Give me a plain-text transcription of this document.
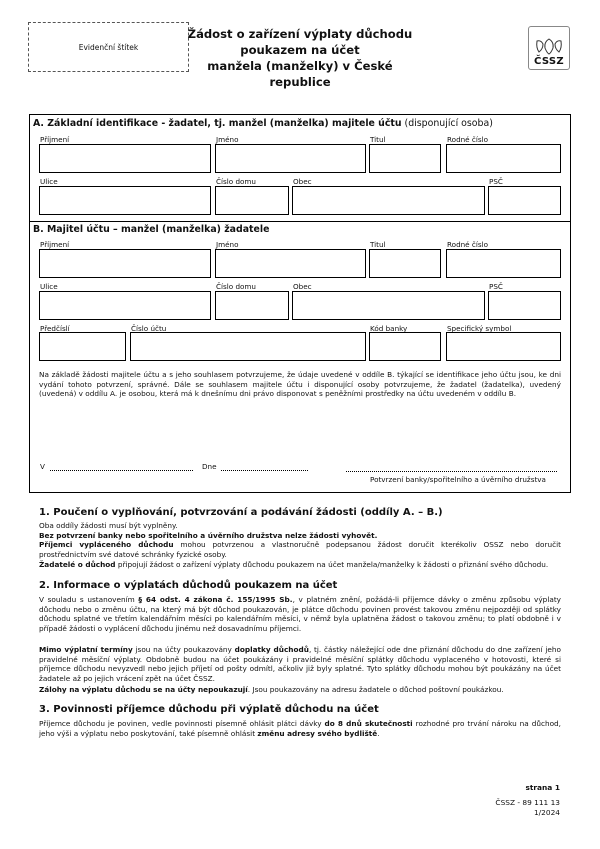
Evidenční štítek
Žádost o zařízení výplaty důchodu
poukazem na účet
manžela (manželky) v České republice
ČSSZ
A. Základní identifikace - žadatel, tj. manžel (manželka) majitele účtu (disponující osoba)
Příjmení	Jméno	Titul	Rodné číslo
Ulice	Číslo domu	Obec	PSČ
B. Majitel účtu – manžel (manželka) žadatele
Příjmení	Jméno	Titul	Rodné číslo
Ulice	Číslo domu	Obec	PSČ
Předčíslí	Číslo účtu	Kód banky	Specifický symbol
Na základě žádosti majitele účtu a s jeho souhlasem potvrzujeme, že údaje uvedené v oddíle B. týkající se identifikace jeho účtu jsou, ke dni vydání tohoto potvrzení, správné. Dále se souhlasem majitele účtu i disponující osoby potvrzujeme, že žadatel (žadatelka), uvedený (uvedená) v oddílu A. je osobou, která má k dnešnímu dni právo disponovat s peněžními prostředky na účtu uvedeném v oddílu B.
V	Dne
Potvrzení banky/spořitelního a úvěrního družstva
1. Poučení o vyplňování, potvrzování a podávání žádosti (oddíly A. – B.)
Oba oddíly žádosti musí být vyplněny.
Bez potvrzení banky nebo spořitelního a úvěrního družstva nelze žádosti vyhovět.
Příjemci vypláceného důchodu mohou potvrzenou a vlastnoručně podepsanou žádost doručit kterékoliv OSSZ nebo doručit prostřednictvím své datové schránky fyzické osoby.
Žadatelé o důchod připojují žádost o zařízení výplaty důchodu poukazem na účet manžela/manželky k žádosti o přiznání svého důchodu.
2. Informace o výplatách důchodů poukazem na účet
V souladu s ustanovením § 64 odst. 4 zákona č. 155/1995 Sb., v platném znění, požádá-li příjemce dávky o změnu způsobu výplaty důchodu nebo o změnu účtu, na který má být důchod poukazován, je plátce důchodu povinen provést takovou změnu nejpozději od splátky důchodu splatné ve třetím kalendářním měsíci po kalendářním měsíci, v němž byla uplatněna žádost o takovou změnu; to platí obdobně i v případě žádosti o vyplácení důchodu jinému než dosavadnímu příjemci.
Mimo výplatní termíny jsou na účty poukazovány doplatky důchodů, tj. částky náležející ode dne přiznání důchodu do dne zařízení jeho pravidelné měsíční výplaty. Obdobně budou na účet poukázány i pravidelné měsíční splátky důchodu vyplaceného v hotovosti, které si příjemce důchodu nevyzvedl nebo jejich příjetí od pošty odmítl, ačkoliv již byly splatné. Tyto splátky důchodu mohou být poukázány na účet žadatele až po jejich vrácení zpět na účet ČSSZ.
Zálohy na výplatu důchodu se na účty nepoukazují. Jsou poukazovány na adresu žadatele o důchod poštovní poukázkou.
3. Povinnosti příjemce důchodu při výplatě důchodu na účet
Příjemce důchodu je povinen, vedle povinnosti písemně ohlásit plátci dávky do 8 dnů skutečnosti rozhodné pro trvání nároku na důchod, jeho výši a výplatu nebo poskytování, také písemně ohlásit změnu adresy svého bydliště.
strana 1
ČSSZ - 89 111 13
1/2024
